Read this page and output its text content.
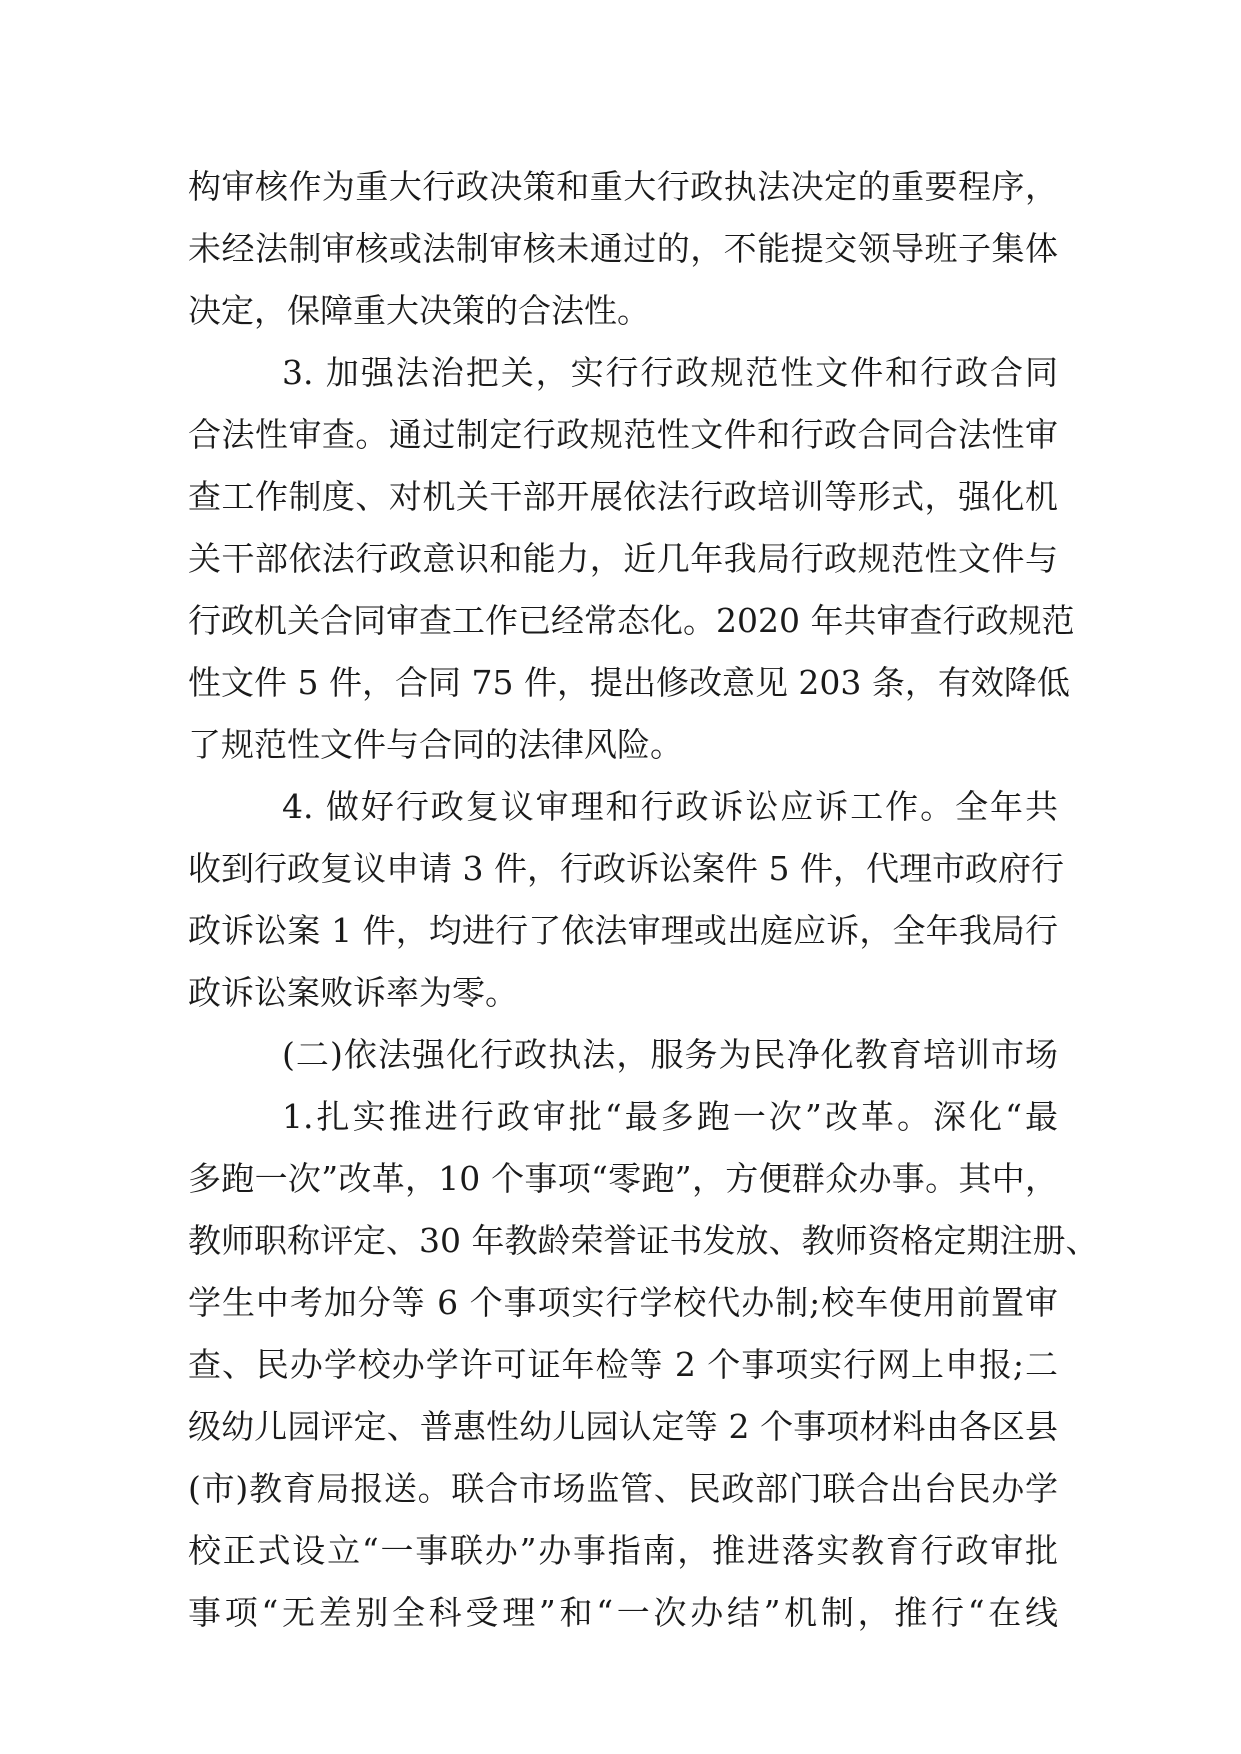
构审核作为重大行政决策和重大行政执法决定的重要程序，
未经法制审核或法制审核未通过的，不能提交领导班子集体
决定，保障重大决策的合法性。
3. 加强法治把关，实行行政规范性文件和行政合同
合法性审查。通过制定行政规范性文件和行政合同合法性审
查工作制度、对机关干部开展依法行政培训等形式，强化机
关干部依法行政意识和能力，近几年我局行政规范性文件与
行政机关合同审查工作已经常态化。2020 年共审查行政规范
性文件 5 件，合同 75 件，提出修改意见 203 条，有效降低
了规范性文件与合同的法律风险。
4. 做好行政复议审理和行政诉讼应诉工作。全年共
收到行政复议申请 3 件，行政诉讼案件 5 件，代理市政府行
政诉讼案 1 件，均进行了依法审理或出庭应诉，全年我局行
政诉讼案败诉率为零。
(二)依法强化行政执法，服务为民净化教育培训市场
1.扎实推进行政审批“最多跑一次”改革。深化“最
多跑一次”改革，10 个事项“零跑”，方便群众办事。其中，
教师职称评定、30 年教龄荣誉证书发放、教师资格定期注册、
学生中考加分等 6 个事项实行学校代办制;校车使用前置审
查、民办学校办学许可证年检等 2 个事项实行网上申报;二
级幼儿园评定、普惠性幼儿园认定等 2 个事项材料由各区县
(市)教育局报送。联合市场监管、民政部门联合出台民办学
校正式设立“一事联办”办事指南，推进落实教育行政审批
事项“无差别全科受理”和“一次办结”机制，推行“在线
